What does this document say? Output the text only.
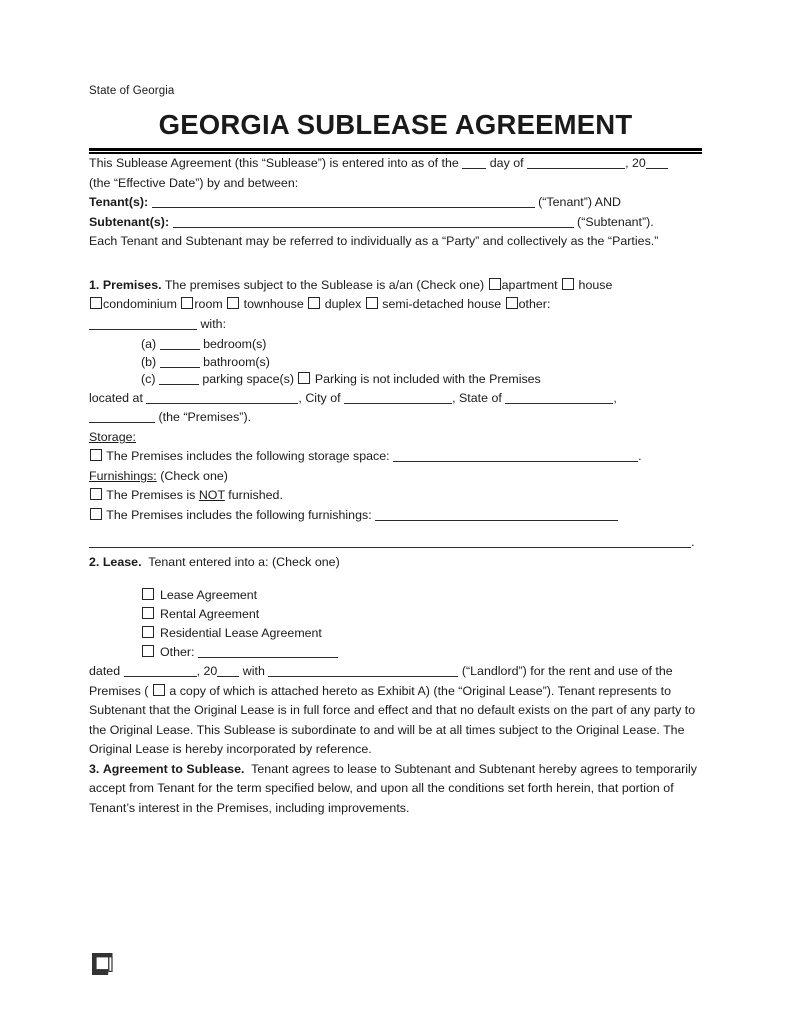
State of Georgia
GEORGIA SUBLEASE AGREEMENT

This Sublease Agreement (this “Sublease”) is entered into as of the  day of	, 20
(the “Effective Date”) by and between:

Tenant(s):	(“Tenant”) AND

Subtenant(s):	(“Subtenant”).

Each Tenant and Subtenant may be referred to individually as a “Party” and collectively as the “Parties.”

1. Premises. The premises subject to the Sublease is a/an (Check one) apartment house

condominium room townhouse duplex semi-detached house other:

with:

(a)	bedroom(s)
(b)	bathroom(s)
(c)	parking space(s) Parking is not included with the Premises

located at	, City of	, State of	,
(the “Premises”).

Storage:

The Premises includes the following storage space:	.

Furnishings: (Check one)

The Premises is NOT furnished.

The Premises includes the following furnishings:
.

2. Lease. Tenant entered into a: (Check one)

Lease Agreement
Rental Agreement
Residential Lease Agreement
Other:

dated	, 20 with	(“Landlord”) for the rent and use of the Premises (  a copy of which is attached hereto as Exhibit A) (the “Original Lease”). Tenant represents to Subtenant that the Original Lease is in full force and effect and that no default exists on the part of any party to the Original Lease. This Sublease is subordinate to and will be at all times subject to the Original Lease. The Original Lease is hereby incorporated by reference.

3. Agreement to Sublease. Tenant agrees to lease to Subtenant and Subtenant hereby agrees to temporarily accept from Tenant for the term specified below, and upon all the conditions set forth herein, that portion of Tenant’s interest in the Premises, including improvements.
